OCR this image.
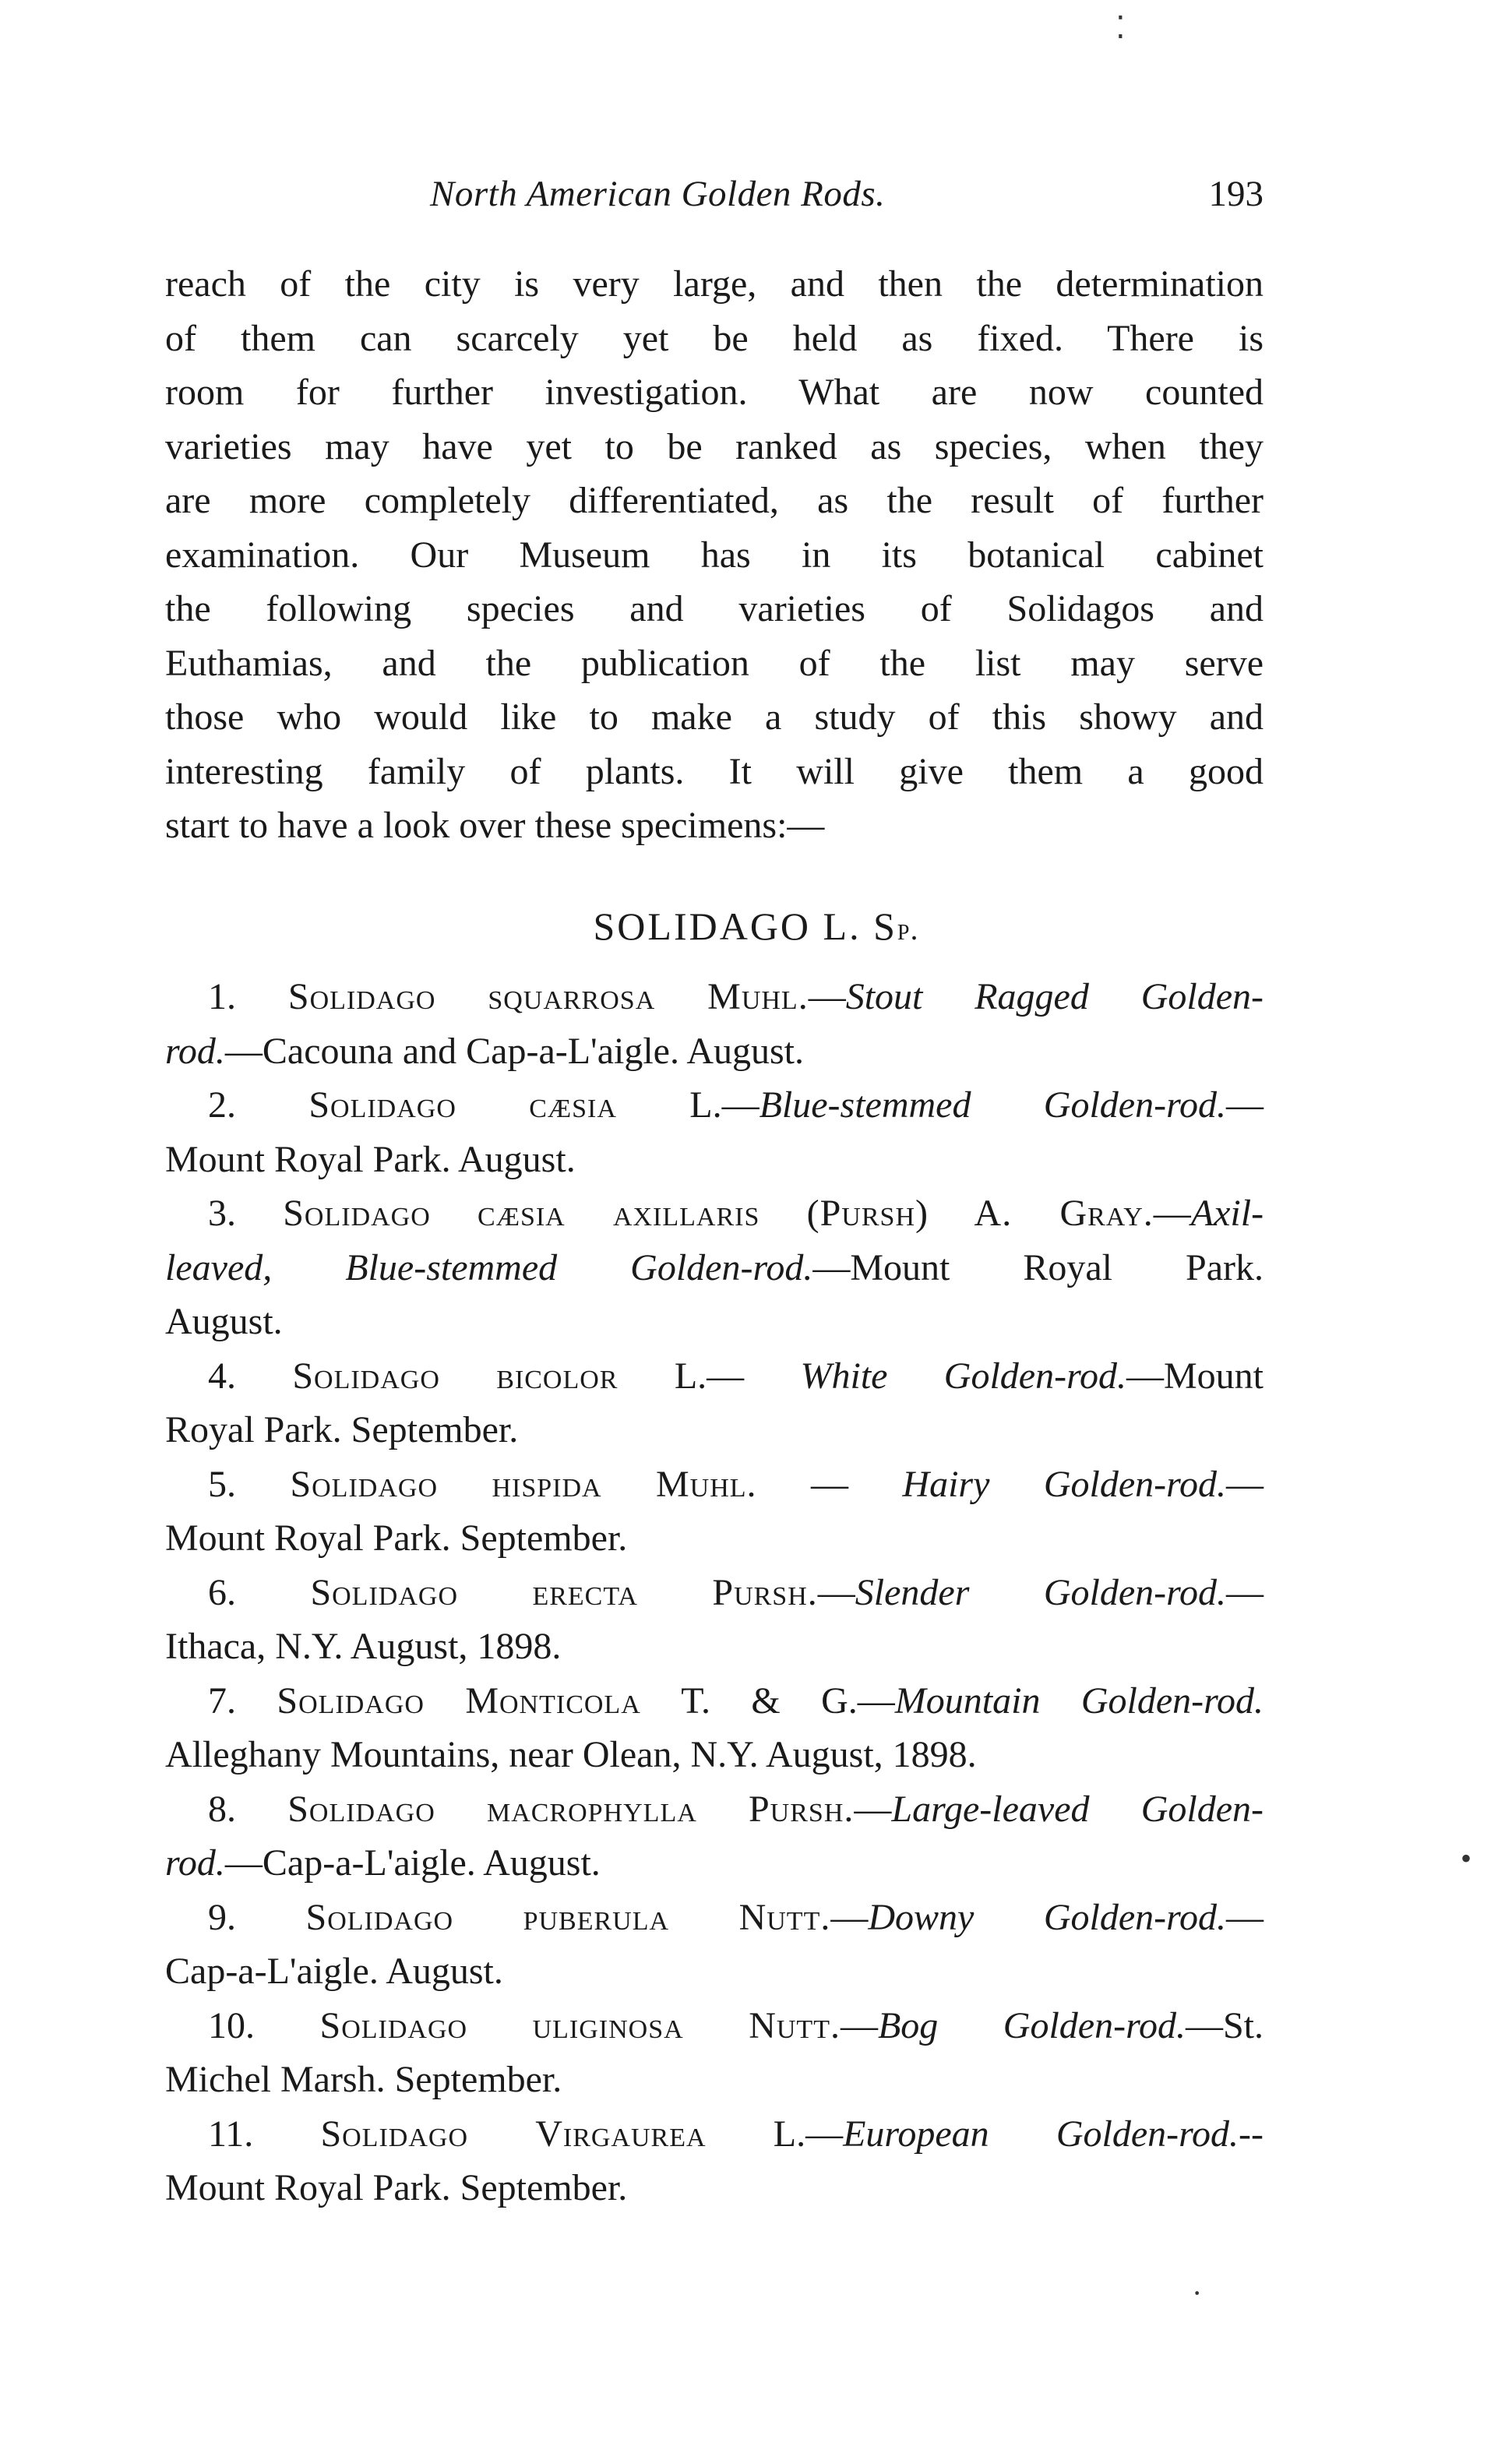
⁚
North American Golden Rods.	193
reach of the city is very large, and then the determination
of them can scarcely yet be held as fixed. There is
room for further investigation. What are now counted
varieties may have yet to be ranked as species, when they
are more completely differentiated, as the result of further
examination. Our Museum has in its botanical cabinet
the following species and varieties of Solidagos and
Euthamias, and the publication of the list may serve
those who would like to make a study of this showy and
interesting family of plants. It will give them a good
start to have a look over these specimens:—
SOLIDAGO L. Sp.
1. Solidago squarrosa Muhl.—Stout Ragged Golden-
rod.—Cacouna and Cap-a-L'aigle. August.
2. Solidago cæsia L.—Blue-stemmed Golden-rod.—
Mount Royal Park. August.
3. Solidago cæsia axillaris (Pursh) A. Gray.—Axil-
leaved, Blue-stemmed Golden-rod.—Mount Royal Park.
August.
4. Solidago bicolor L.— White Golden-rod.—Mount
Royal Park. September.
5. Solidago hispida Muhl. — Hairy Golden-rod.—
Mount Royal Park. September.
6. Solidago erecta Pursh.—Slender Golden-rod.—
Ithaca, N.Y. August, 1898.
7. Solidago Monticola T. & G.—Mountain Golden-rod.
Alleghany Mountains, near Olean, N.Y. August, 1898.
8. Solidago macrophylla Pursh.—Large-leaved Golden-
rod.—Cap-a-L'aigle. August.
9. Solidago puberula Nutt.—Downy Golden-rod.—
Cap-a-L'aigle. August.
10. Solidago uliginosa Nutt.—Bog Golden-rod.—St.
Michel Marsh. September.
11. Solidago Virgaurea L.—European Golden-rod.--
Mount Royal Park. September.
•
·
